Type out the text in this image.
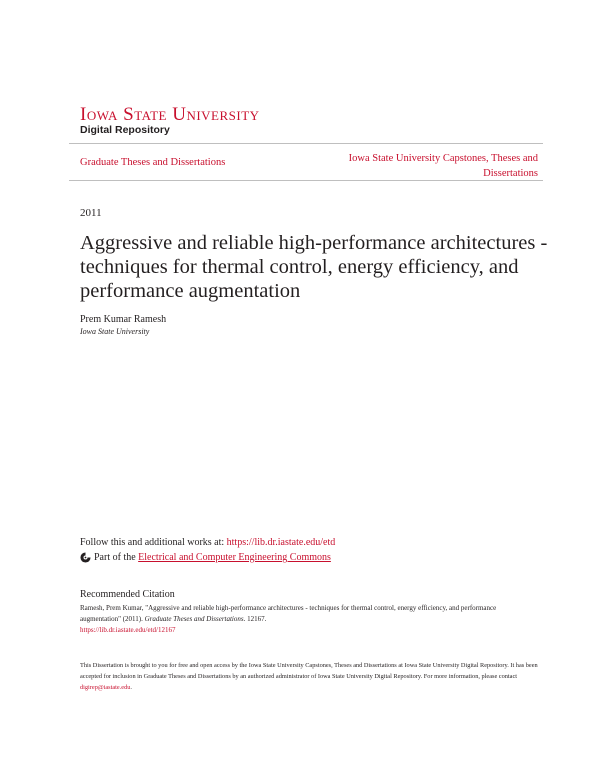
Iowa State University
Digital Repository
Graduate Theses and Dissertations	Iowa State University Capstones, Theses and Dissertations
2011
Aggressive and reliable high-performance architectures - techniques for thermal control, energy efficiency, and performance augmentation
Prem Kumar Ramesh
Iowa State University
Follow this and additional works at: https://lib.dr.iastate.edu/etd
Part of the
Electrical and Computer Engineering Commons
Recommended Citation
Ramesh, Prem Kumar, "Aggressive and reliable high-performance architectures - techniques for thermal control, energy efficiency, and performance augmentation" (2011). Graduate Theses and Dissertations. 12167.
https://lib.dr.iastate.edu/etd/12167
This Dissertation is brought to you for free and open access by the Iowa State University Capstones, Theses and Dissertations at Iowa State University Digital Repository. It has been accepted for inclusion in Graduate Theses and Dissertations by an authorized administrator of Iowa State University Digital Repository. For more information, please contact digirep@iastate.edu.
